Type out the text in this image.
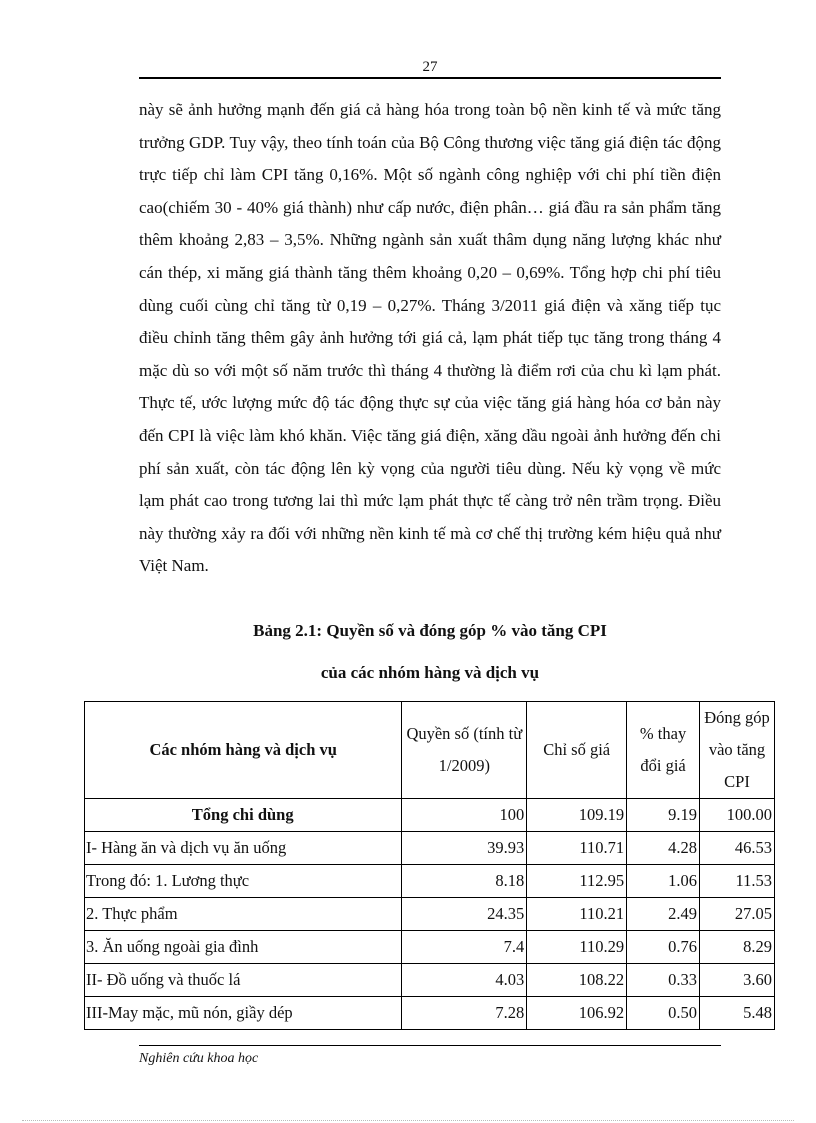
27

này sẽ ảnh hưởng mạnh đến giá cả hàng hóa trong toàn bộ nền kinh tế và mức tăng trưởng GDP. Tuy vậy, theo tính toán của Bộ Công thương việc tăng giá điện tác động trực tiếp chỉ làm CPI tăng 0,16%. Một số ngành công nghiệp với chi phí tiền điện cao(chiếm 30 - 40% giá thành) như cấp nước, điện phân… giá đầu ra sản phẩm tăng thêm khoảng 2,83 – 3,5%. Những ngành sản xuất thâm dụng năng lượng khác như cán thép, xi măng giá thành tăng thêm khoảng 0,20 – 0,69%. Tổng hợp chi phí tiêu dùng cuối cùng chỉ tăng từ 0,19 – 0,27%. Tháng 3/2011 giá điện và xăng tiếp tục điều chỉnh tăng thêm gây ảnh hưởng tới giá cả, lạm phát tiếp tục tăng trong tháng 4 mặc dù so với một số năm trước thì tháng 4 thường là điểm rơi của chu kì lạm phát. Thực tế, ước lượng mức độ tác động thực sự của việc tăng giá hàng hóa cơ bản này đến CPI là việc làm khó khăn. Việc tăng giá điện, xăng dầu ngoài ảnh hưởng đến chi phí sản xuất, còn tác động lên kỳ vọng của người tiêu dùng. Nếu kỳ vọng về mức lạm phát cao trong tương lai thì mức lạm phát thực tế càng trở nên trầm trọng. Điều này thường xảy ra đối với những nền kinh tế mà cơ chế thị trường kém hiệu quả như Việt Nam.

Bảng 2.1: Quyền số và đóng góp % vào tăng CPI
của các nhóm hàng và dịch vụ
Các nhóm hàng và dịch vụ	Quyền số (tính từ 1/2009)	Chỉ số giá	% thay đổi giá	Đóng góp vào tăng CPI

Tổng chi dùng	100	109.19	9.19	100.00
I- Hàng ăn và dịch vụ ăn uống	39.93	110.71	4.28	46.53
Trong đó: 1. Lương thực	8.18	112.95	1.06	11.53
2. Thực phẩm	24.35	110.21	2.49	27.05
3. Ăn uống ngoài gia đình	7.4	110.29	0.76	8.29
II- Đồ uống và thuốc lá	4.03	108.22	0.33	3.60
III-May mặc, mũ nón, giầy dép	7.28	106.92	0.50	5.48
Nghiên cứu khoa học
